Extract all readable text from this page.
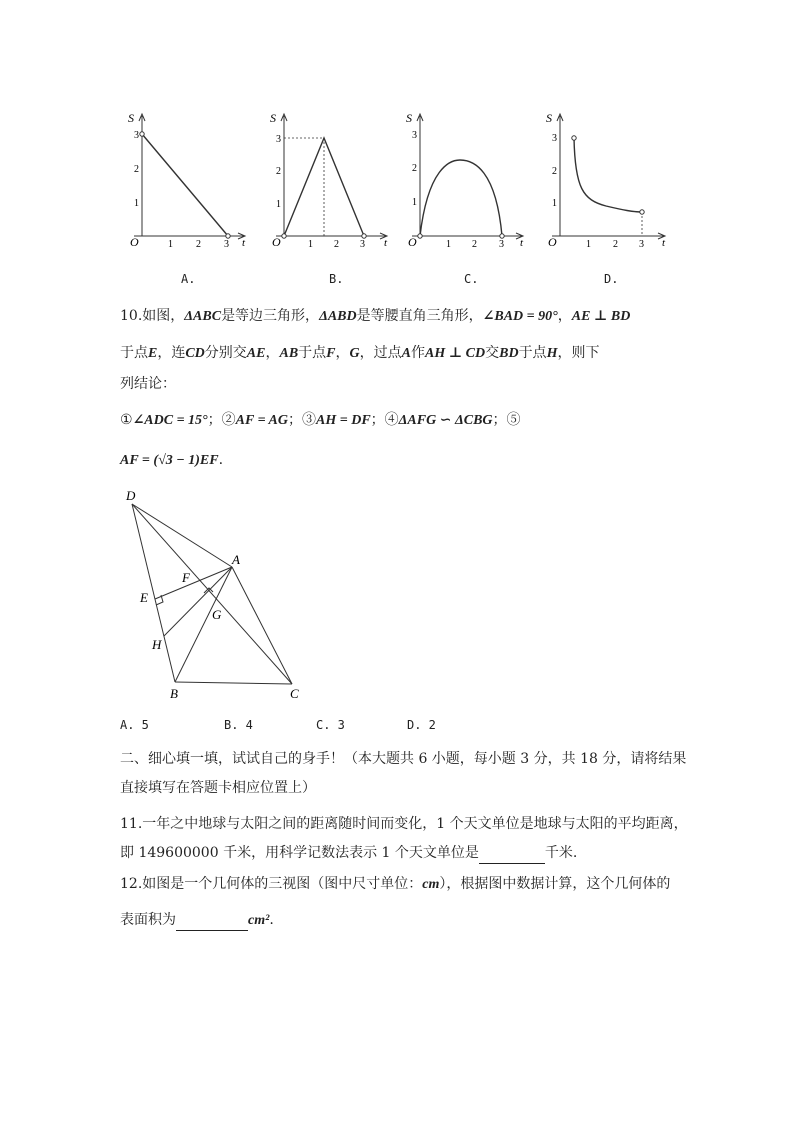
S
t
O
3
2
1
1 2 3
S
t
O
3
2
1
1 2 3
S
t
O
3
2
1
1 2 3
S
t
O
3
2
1
1 2 3
A.	B.	C.	D.
10.如图，ΔABC是等边三角形，ΔABD是等腰直角三角形，∠BAD = 90°，AE ⊥ BD
于点E，连CD分别交AE，AB于点F，G，过点A作AH ⊥ CD交BD于点H，则下
列结论：
①∠ADC = 15°；②AF = AG；③AH = DF；④ΔAFG ∽ ΔCBG；⑤
AF = (√3 − 1)EF.
D
A
F
E
G
H
B	C
A. 5	B. 4	C. 3	D. 2
二、细心填一填，试试自己的身手！（本大题共 6 小题，每小题 3 分，共 18 分，请将结果
直接填写在答题卡相应位置上）
11.一年之中地球与太阳之间的距离随时间而变化，1 个天文单位是地球与太阳的平均距离，
即 149600000 千米，用科学记数法表示 1 个天文单位是	千米.
12.如图是一个几何体的三视图（图中尺寸单位：cm），根据图中数据计算，这个几何体的
表面积为	cm².
